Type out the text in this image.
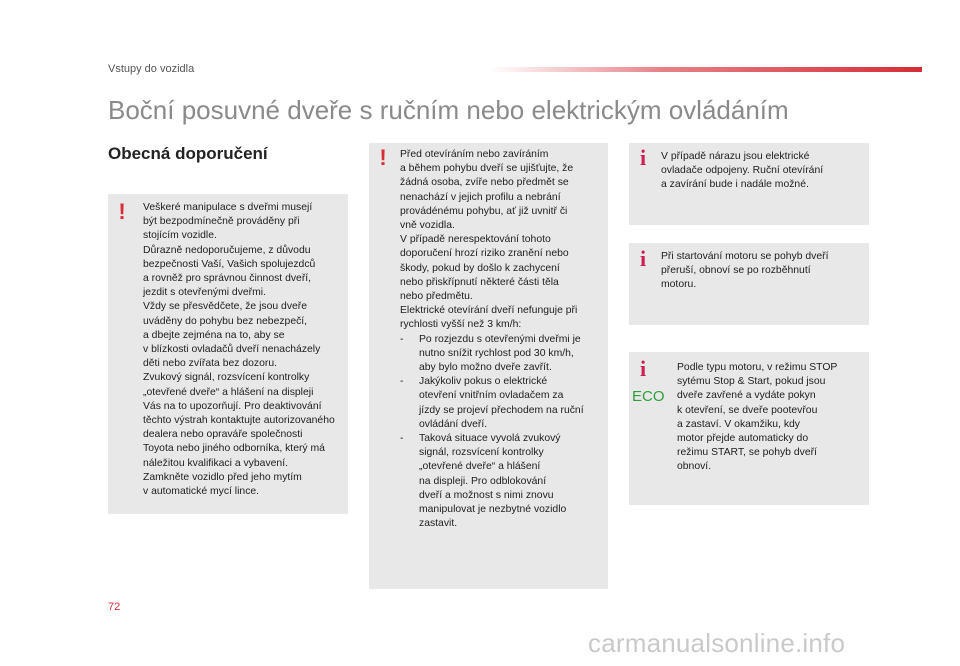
Vstupy do vozidla
Boční posuvné dveře s ručním nebo elektrickým ovládáním
Obecná doporučení
! Veškeré manipulace s dveřmi musejí
být bezpodmínečně prováděny při
stojícím vozidle.
Důrazně nedoporučujeme, z důvodu
bezpečnosti Vaší, Vašich spolujezdců
a rovněž pro správnou činnost dveří,
jezdit s otevřenými dveřmi.
Vždy se přesvědčete, že jsou dveře
uváděny do pohybu bez nebezpečí,
a dbejte zejména na to, aby se
v blízkosti ovladačů dveří nenacházely
děti nebo zvířata bez dozoru.
Zvukový signál, rozsvícení kontrolky
„otevřené dveře“ a hlášení na displeji
Vás na to upozorňují. Pro deaktivování
těchto výstrah kontaktujte autorizovaného
dealera nebo opraváře společnosti
Toyota nebo jiného odborníka, který má
náležitou kvalifikaci a vybavení.
Zamkněte vozidlo před jeho mytím
v automatické mycí lince.
! Před otevíráním nebo zavíráním
a během pohybu dveří se ujišťujte, že
žádná osoba, zvíře nebo předmět se
nenachází v jejich profilu a nebrání
provádénému pohybu, ať již uvnitř či
vně vozidla.
V případě nerespektování tohoto
doporučení hrozí riziko zranění nebo
škody, pokud by došlo k zachycení
nebo přiskřípnutí některé části těla
nebo předmětu.
Elektrické otevírání dveří nefunguje při
rychlosti vyšší než 3 km/h:
- Po rozjezdu s otevřenými dveřmi je
nutno snížit rychlost pod 30 km/h,
aby bylo možno dveře zavřít.
- Jakýkoliv pokus o elektrické
otevření vnitřním ovladačem za
jízdy se projeví přechodem na ruční
ovládání dveří.
- Taková situace vyvolá zvukový
signál, rozsvícení kontrolky
„otevřené dveře“ a hlášení
na displeji. Pro odblokování
dveří a možnost s nimi znovu
manipulovat je nezbytné vozidlo
zastavit.
i V případě nárazu jsou elektrické
ovladače odpojeny. Ruční otevírání
a zavírání bude i nadále možné.
i Při startování motoru se pohyb dveří
přeruší, obnoví se po rozběhnutí
motoru.
i
ECO
Podle typu motoru, v režimu STOP
sytému Stop & Start, pokud jsou
dveře zavřené a vydáte pokyn
k otevření, se dveře pootevřou
a zastaví. V okamžiku, kdy
motor přejde automaticky do
režimu START, se pohyb dveří
obnoví.
72
carmanualsonline.info
